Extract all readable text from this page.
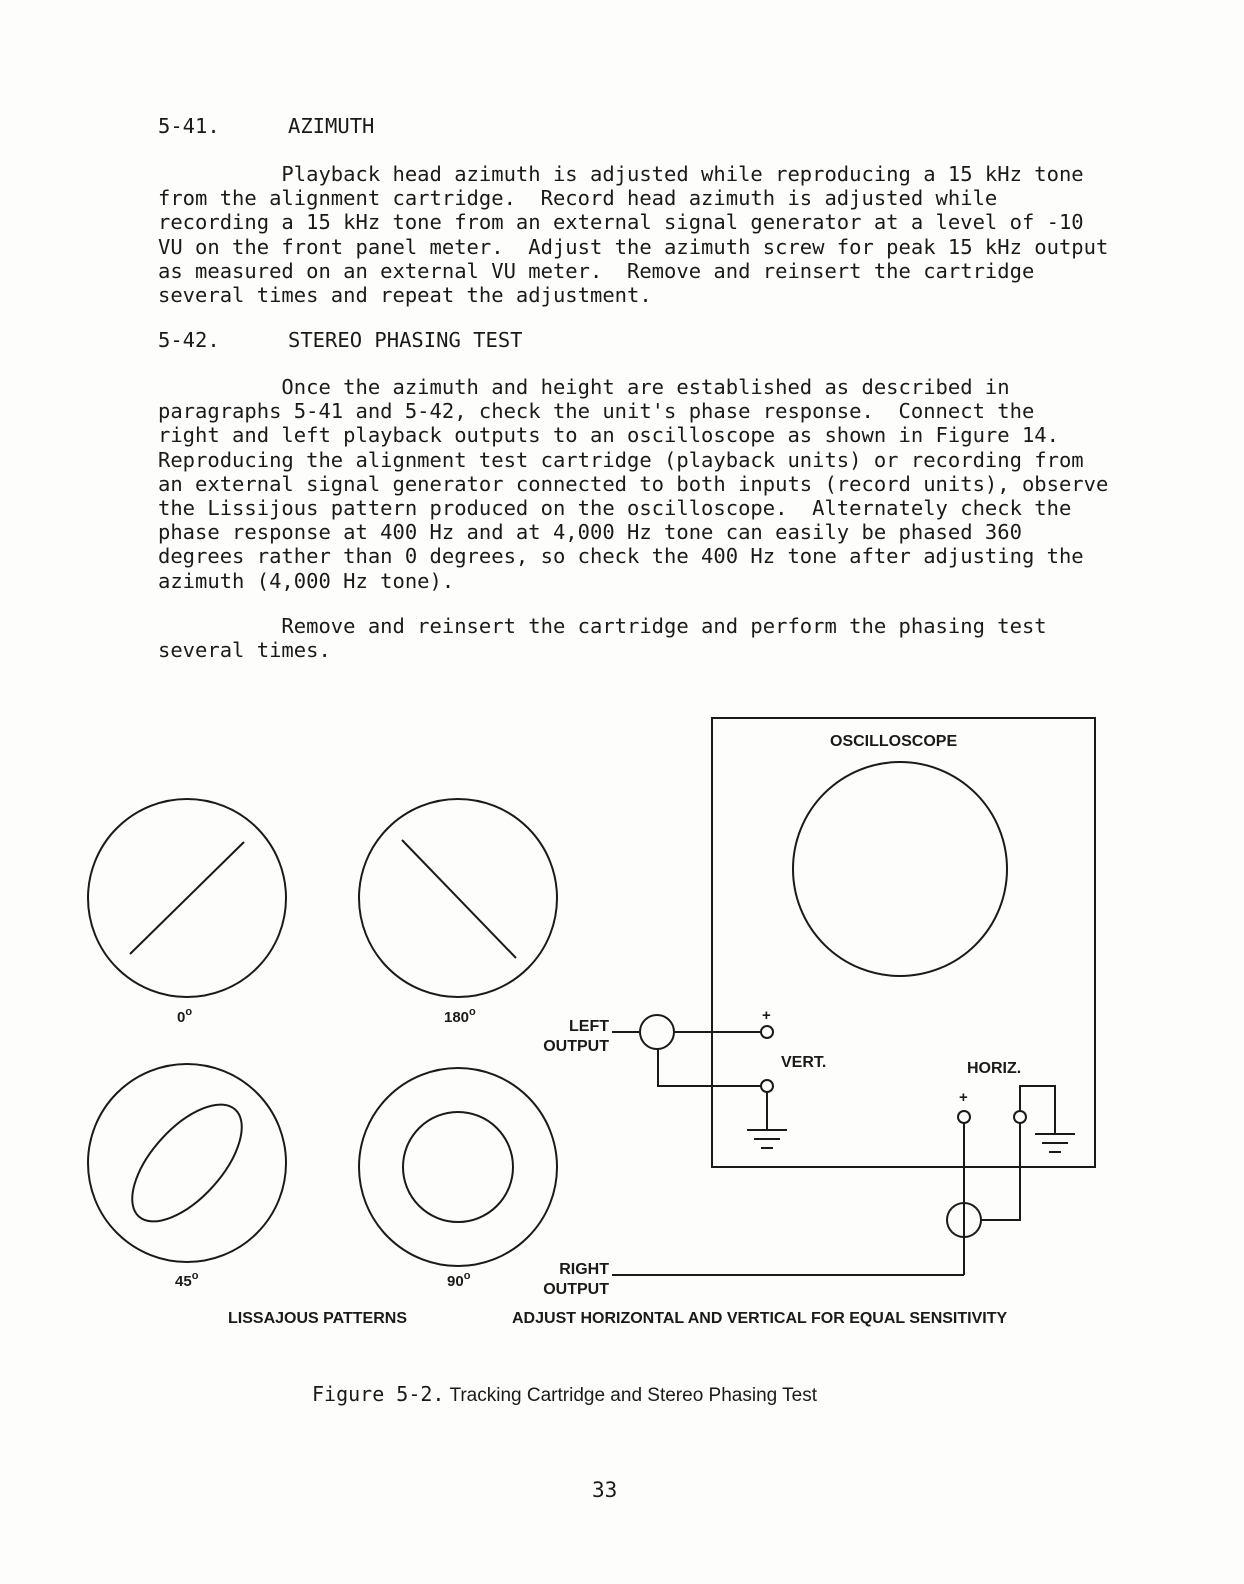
5-41.	AZIMUTH

Playback head azimuth is adjusted while reproducing a 15 kHz tone
from the alignment cartridge.  Record head azimuth is adjusted while
recording a 15 kHz tone from an external signal generator at a level of -10
VU on the front panel meter.  Adjust the azimuth screw for peak 15 kHz output
as measured on an external VU meter.  Remove and reinsert the cartridge
several times and repeat the adjustment.

5-42.	STEREO PHASING TEST

Once the azimuth and height are established as described in
paragraphs 5-41 and 5-42, check the unit's phase response.  Connect the
right and left playback outputs to an oscilloscope as shown in Figure 14.
Reproducing the alignment test cartridge (playback units) or recording from
an external signal generator connected to both inputs (record units), observe
the Lissijous pattern produced on the oscilloscope.  Alternately check the
phase response at 400 Hz and at 4,000 Hz tone can easily be phased 360
degrees rather than 0 degrees, so check the 400 Hz tone after adjusting the
azimuth (4,000 Hz tone).

Remove and reinsert the cartridge and perform the phasing test
several times.

0$^o$	180$^o$
45$^o$	90$^o$
OSCILLOSCOPE
+
VERT.	HORIZ.
+
LEFT
OUTPUT
RIGHT
OUTPUT
LISSAJOUS PATTERNS	ADJUST HORIZONTAL AND VERTICAL FOR EQUAL SENSITIVITY
Figure 5-2. Tracking Cartridge and Stereo Phasing Test
33
